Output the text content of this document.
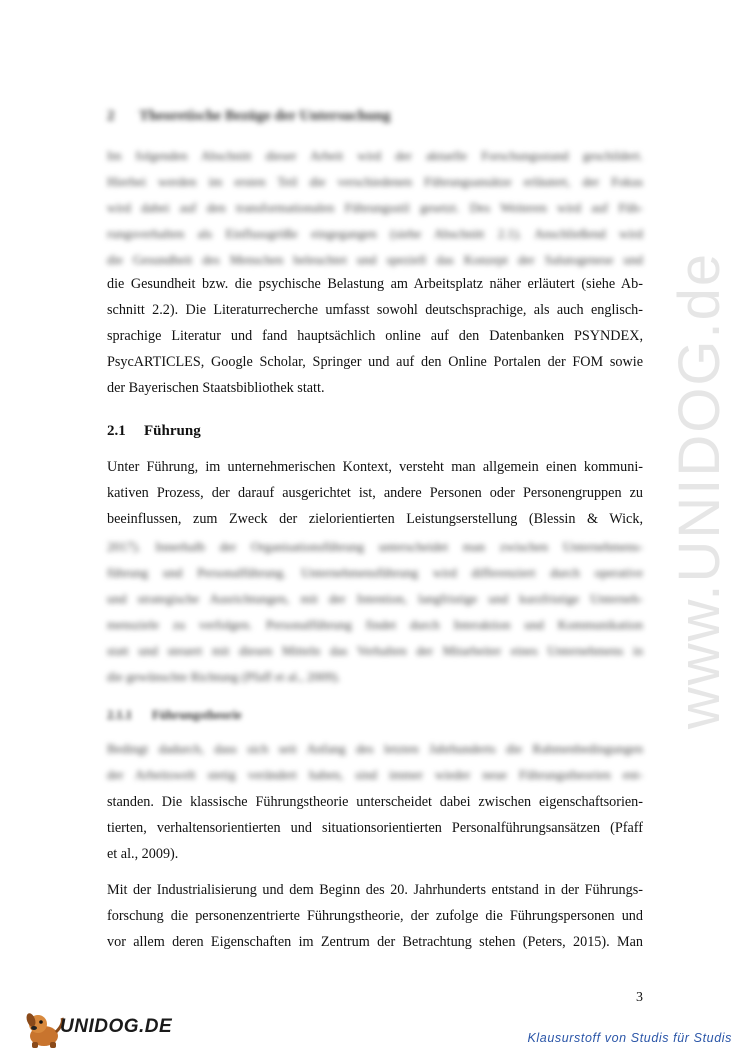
2 Theoretische Bezüge der Untersuchung
Im folgenden Abschnitt dieser Arbeit wird der aktuelle Forschungsstand geschildert.
Hierbei werden im ersten Teil die verschiedenen Führungsansätze erläutert, der Fokus
wird dabei auf den transformationalen Führungsstil gesetzt. Des Weiteren wird auf Füh-
rungsverhalten als Einflussgröße eingegangen (siehe Abschnitt 2.1). Anschließend wird
die Gesundheit des Menschen beleuchtet und speziell das Konzept der Salutogenese und
die Gesundheit bzw. die psychische Belastung am Arbeitsplatz näher erläutert (siehe Ab-
schnitt 2.2). Die Literaturrecherche umfasst sowohl deutschsprachige, als auch englisch-
sprachige Literatur und fand hauptsächlich online auf den Datenbanken PSYNDEX,
PsycARTICLES, Google Scholar, Springer und auf den Online Portalen der FOM sowie
der Bayerischen Staatsbibliothek statt.
2.1 Führung
Unter Führung, im unternehmerischen Kontext, versteht man allgemein einen kommuni-
kativen Prozess, der darauf ausgerichtet ist, andere Personen oder Personengruppen zu
beeinflussen, zum Zweck der zielorientierten Leistungserstellung (Blessin & Wick,
2017). Innerhalb der Organisationsführung unterscheidet man zwischen Unternehmens-
führung und Personalführung. Unternehmensführung wird differenziert durch operative
und strategische Ausrichtungen, mit der Intention, langfristige und kurzfristige Unterneh-
mensziele zu verfolgen. Personalführung findet durch Interaktion und Kommunikation
statt und steuert mit diesen Mitteln das Verhalten der Mitarbeiter eines Unternehmens in
die gewünschte Richtung (Pfaff et al., 2009).
2.1.1 Führungstheorie
Bedingt dadurch, dass sich seit Anfang des letzten Jahrhunderts die Rahmenbedingungen
der Arbeitswelt stetig verändert haben, sind immer wieder neue Führungstheorien ent-
standen. Die klassische Führungstheorie unterscheidet dabei zwischen eigenschaftsorien-
tierten, verhaltensorientierten und situationsorientierten Personalführungsansätzen (Pfaff
et al., 2009).
Mit der Industrialisierung und dem Beginn des 20. Jahrhunderts entstand in der Führungs-
forschung die personenzentrierte Führungstheorie, der zufolge die Führungspersonen und
vor allem deren Eigenschaften im Zentrum der Betrachtung stehen (Peters, 2015). Man
3
www.UNIDOG.de
UNIDOG.DE
Klausurstoff von Studis für Studis
